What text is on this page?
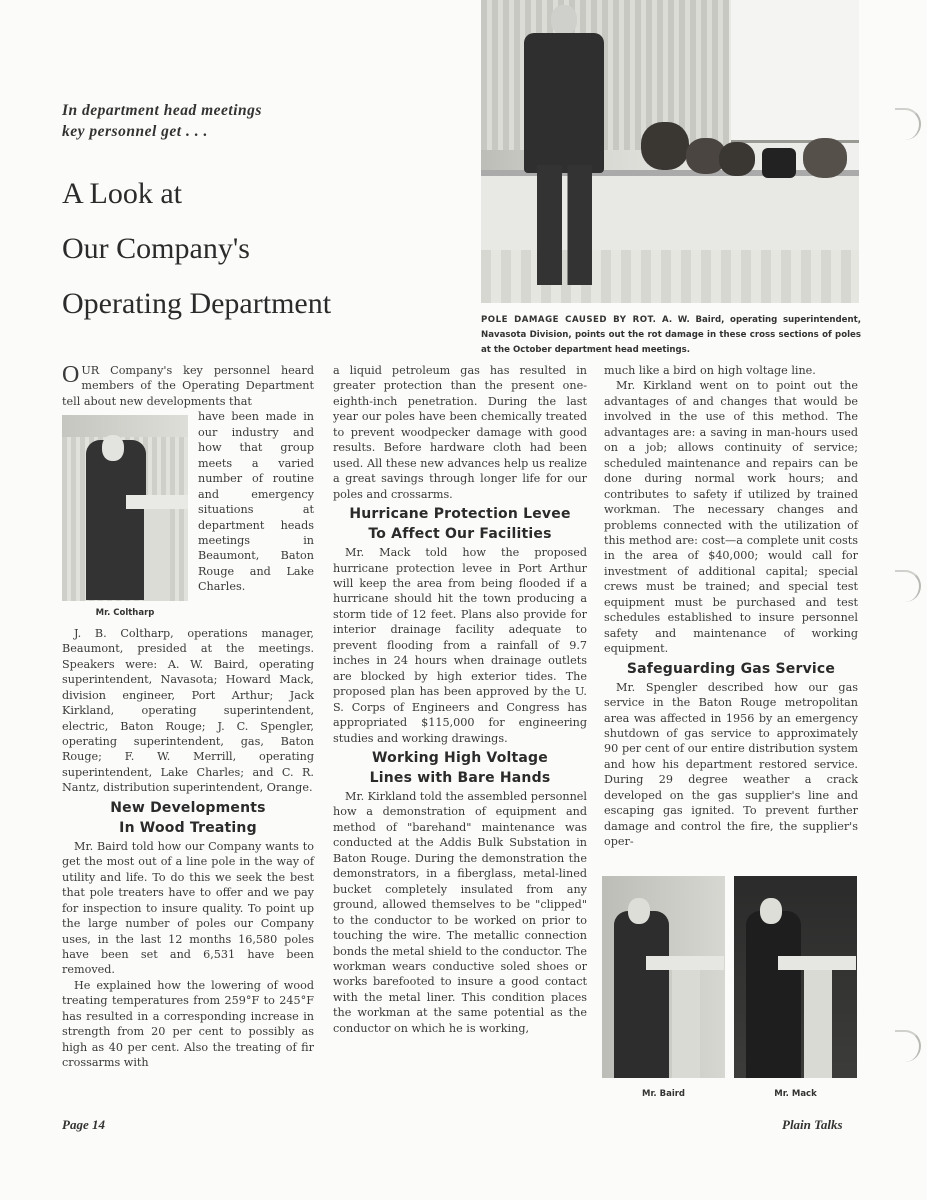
In department head meetings
key personnel get . . .
A Look at
Our Company's
Operating Department	POLE DAMAGE CAUSED BY ROT. A. W. Baird, operating superintendent, Navasota Division, points out the rot damage in these cross sections of poles at the October department head meetings.

OUR Company's key personnel heard members of the Operating Department tell about new developments that

Mr. Coltharp

have been made in our industry and how that group meets a varied number of routine and emergency situations at department heads meetings in Beaumont, Baton Rouge and Lake Charles.

J. B. Coltharp, operations manager, Beaumont, presided at the meetings. Speakers were: A. W. Baird, operating superintendent, Navasota; Howard Mack, division engineer, Port Arthur; Jack Kirkland, operating superintendent, electric, Baton Rouge; J. C. Spengler, operating superintendent, gas, Baton Rouge; F. W. Merrill, operating superintendent, Lake Charles; and C. R. Nantz, distribution superintendent, Orange.

New Developments
In Wood Treating

Mr. Baird told how our Company wants to get the most out of a line pole in the way of utility and life. To do this we seek the best that pole treaters have to offer and we pay for inspection to insure quality. To point up the large number of poles our Company uses, in the last 12 months 16,580 poles have been set and 6,531 have been removed.

He explained how the lowering of wood treating temperatures from 259°F to 245°F has resulted in a corresponding increase in strength from 20 per cent to possibly as high as 40 per cent. Also the treating of fir crossarms with

a liquid petroleum gas has resulted in greater protection than the present one-eighth-inch penetration. During the last year our poles have been chemically treated to prevent woodpecker damage with good results. Before hardware cloth had been used. All these new advances help us realize a great savings through longer life for our poles and crossarms.

Hurricane Protection Levee
To Affect Our Facilities

Mr. Mack told how the proposed hurricane protection levee in Port Arthur will keep the area from being flooded if a hurricane should hit the town producing a storm tide of 12 feet. Plans also provide for interior drainage facility adequate to prevent flooding from a rainfall of 9.7 inches in 24 hours when drainage outlets are blocked by high exterior tides. The proposed plan has been approved by the U. S. Corps of Engineers and Congress has appropriated $115,000 for engineering studies and working drawings.

Working High Voltage
Lines with Bare Hands

Mr. Kirkland told the assembled personnel how a demonstration of equipment and method of "barehand" maintenance was conducted at the Addis Bulk Substation in Baton Rouge. During the demonstration the demonstrators, in a fiberglass, metal-lined bucket completely insulated from any ground, allowed themselves to be "clipped" to the conductor to be worked on prior to touching the wire. The metallic connection bonds the metal shield to the conductor. The workman wears conductive soled shoes or works barefooted to insure a good contact with the metal liner. This condition places the workman at the same potential as the conductor on which he is working,

much like a bird on high voltage line.

Mr. Kirkland went on to point out the advantages of and changes that would be involved in the use of this method. The advantages are: a saving in man-hours used on a job; allows continuity of service; scheduled maintenance and repairs can be done during normal work hours; and contributes to safety if utilized by trained workman. The necessary changes and problems connected with the utilization of this method are: cost—a complete unit costs in the area of $40,000; would call for investment of additional capital; special crews must be trained; and special test equipment must be purchased and test schedules established to insure personnel safety and maintenance of working equipment.

Safeguarding Gas Service

Mr. Spengler described how our gas service in the Baton Rouge metropolitan area was affected in 1956 by an emergency shutdown of gas service to approximately 90 per cent of our entire distribution system and how his department restored service. During 29 degree weather a crack developed on the gas supplier's line and escaping gas ignited. To prevent further damage and control the fire, the supplier's oper-

Mr. Baird	Mr. Mack
Page 14	Plain Talks
